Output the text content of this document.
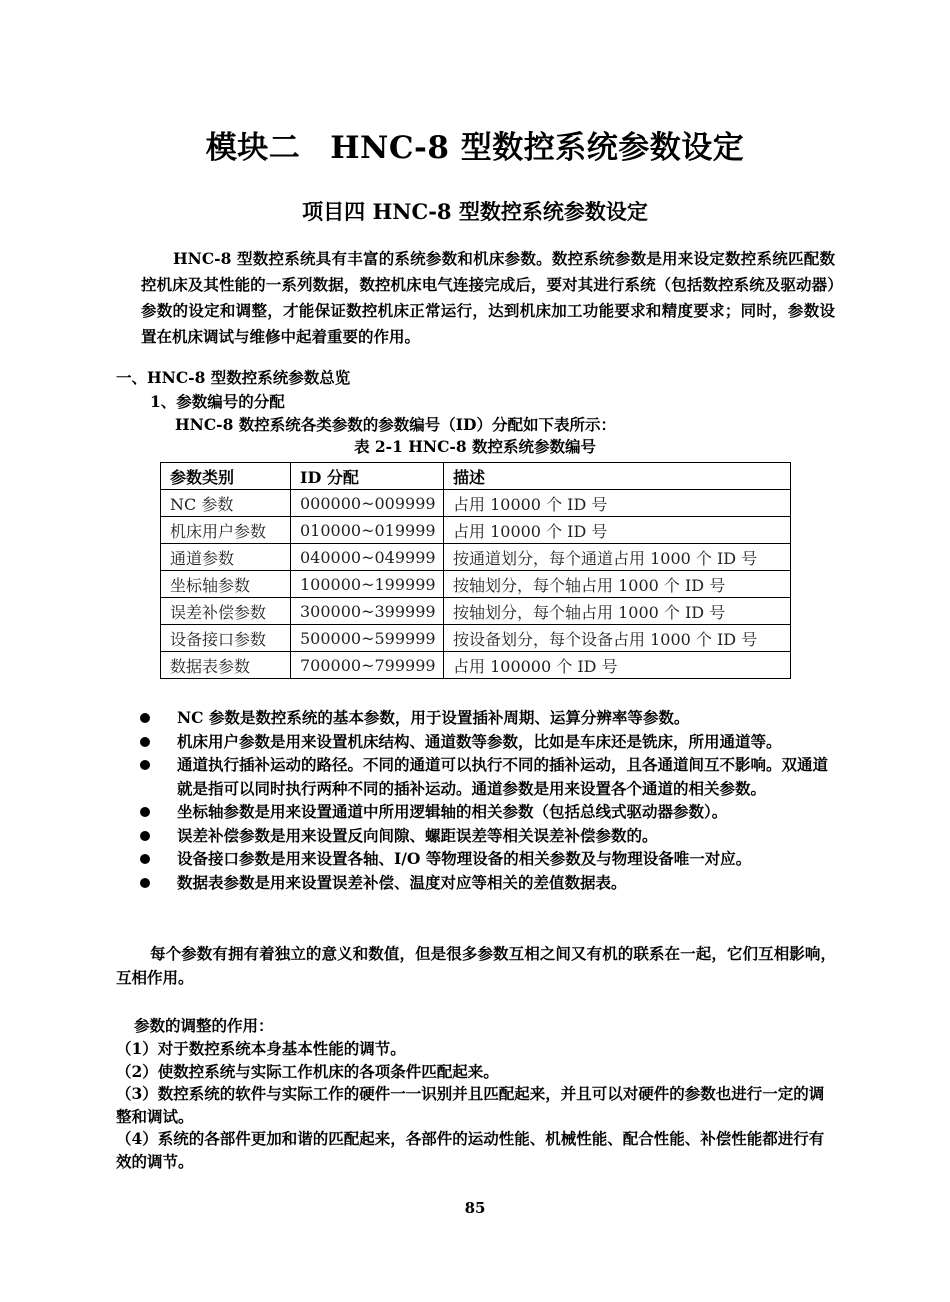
模块二 HNC-8 型数控系统参数设定
项目四 HNC-8 型数控系统参数设定
HNC-8 型数控系统具有丰富的系统参数和机床参数。数控系统参数是用来设定数控系统匹配数控机床及其性能的一系列数据，数控机床电气连接完成后，要对其进行系统（包括数控系统及驱动器）参数的设定和调整，才能保证数控机床正常运行，达到机床加工功能要求和精度要求；同时，参数设置在机床调试与维修中起着重要的作用。
一、HNC-8 型数控系统参数总览
1、参数编号的分配
HNC-8 数控系统各类参数的参数编号（ID）分配如下表所示：
表 2-1 HNC-8 数控系统参数编号
参数类别	ID 分配	描述
NC 参数	000000~009999	占用 10000 个 ID 号
机床用户参数	010000~019999	占用 10000 个 ID 号
通道参数	040000~049999	按通道划分，每个通道占用 1000 个 ID 号
坐标轴参数	100000~199999	按轴划分，每个轴占用 1000 个 ID 号
误差补偿参数	300000~399999	按轴划分，每个轴占用 1000 个 ID 号
设备接口参数	500000~599999	按设备划分，每个设备占用 1000 个 ID 号
数据表参数	700000~799999	占用 100000 个 ID 号
NC 参数是数控系统的基本参数，用于设置插补周期、运算分辨率等参数。
机床用户参数是用来设置机床结构、通道数等参数，比如是车床还是铣床，所用通道等。
通道执行插补运动的路径。不同的通道可以执行不同的插补运动，且各通道间互不影响。双通道就是指可以同时执行两种不同的插补运动。通道参数是用来设置各个通道的相关参数。
坐标轴参数是用来设置通道中所用逻辑轴的相关参数（包括总线式驱动器参数）。
误差补偿参数是用来设置反向间隙、螺距误差等相关误差补偿参数的。
设备接口参数是用来设置各轴、I/O 等物理设备的相关参数及与物理设备唯一对应。
数据表参数是用来设置误差补偿、温度对应等相关的差值数据表。
每个参数有拥有着独立的意义和数值，但是很多参数互相之间又有机的联系在一起，它们互相影响，互相作用。
参数的调整的作用：

（1）对于数控系统本身基本性能的调节。

（2）使数控系统与实际工作机床的各项条件匹配起来。

（3）数控系统的软件与实际工作的硬件一一识别并且匹配起来，并且可以对硬件的参数也进行一定的调整和调试。

（4）系统的各部件更加和谐的匹配起来，各部件的运动性能、机械性能、配合性能、补偿性能都进行有效的调节。

85
